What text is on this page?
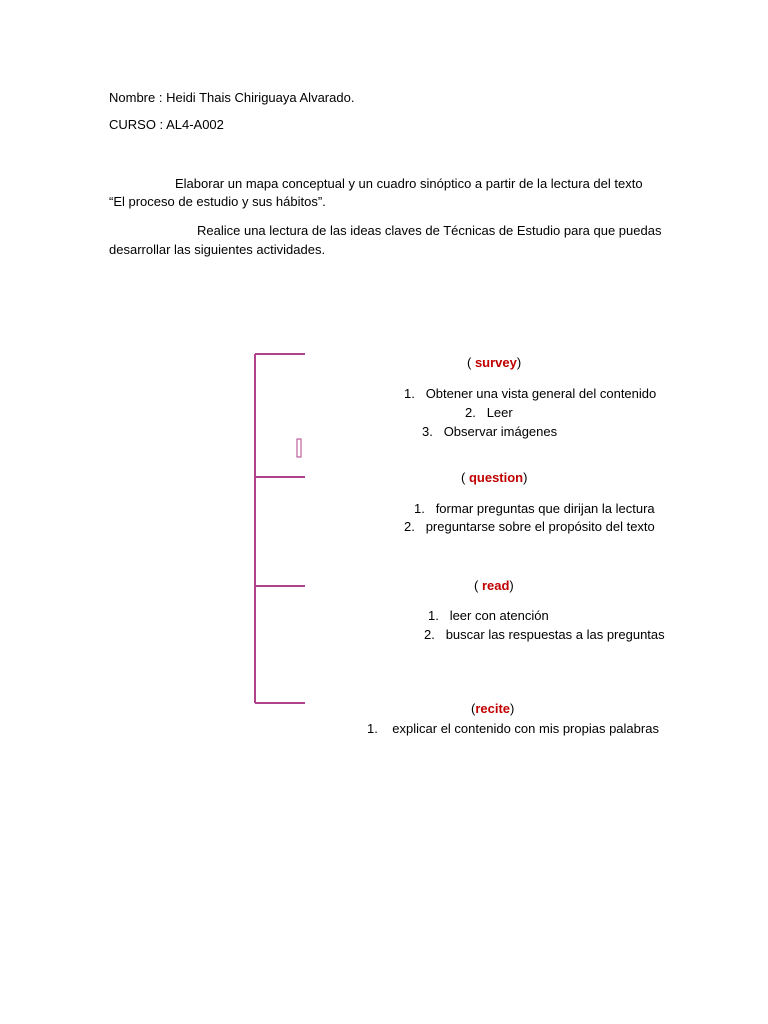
Nombre : Heidi Thais Chiriguaya Alvarado.
CURSO : AL4-A002
Elaborar un mapa conceptual y un cuadro sinóptico a partir de la lectura del texto
“El proceso de estudio y sus hábitos”.
Realice una lectura de las ideas claves de Técnicas de Estudio para que puedas
desarrollar las siguientes actividades.
( survey)
1. Obtener una vista general del contenido
2. Leer
3. Observar imágenes
( question)
1. formar preguntas que dirijan la lectura
2. preguntarse sobre el propósito del texto
( read)
1. leer con atención
2. buscar las respuestas a las preguntas
(recite)
1. explicar el contenido con mis propias palabras
